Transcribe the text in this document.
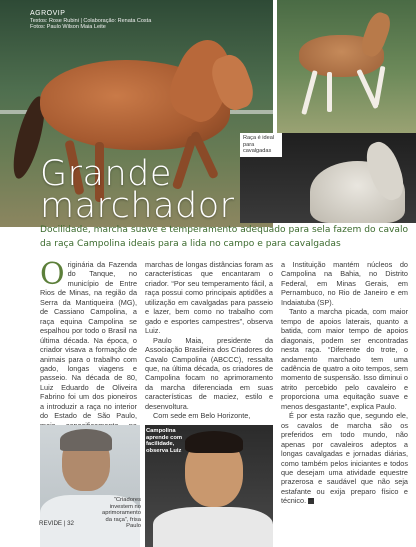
AGROVIP
Textos: Rose Rubini | Colaboração: Renata Costa
Fotos: Paulo Wilson Maia Leite
Raça é ideal para cavalgadas
Grande
marchador
Docilidade, marcha suave e temperamento adequado para sela fazem do cavalo da raça Campolina ideais para a lida no campo e para cavalgadas

Originária da Fazenda do Tanque, no município de Entre Rios de Minas, na região da Serra da Mantiqueira (MG), de Cassiano Campolina, a raça equina Campolina se espalhou por todo o Brasil na última década. Na época, o criador visava a formação de animais para o trabalho com gado, longas viagens e passeio. Na década de 80, Luiz Eduardo de Oliveira Fabrino foi um dos pioneiros a introduzir a raça no interior do Estado de São Paulo,

marchas de longas distâncias foram as características que encantaram o criador. “Por seu temperamento fácil, a raça possui como principais aptidões a utilização em cavalgadas para passeio e lazer, bem como no trabalho com gado e esportes campestres”, observa Luiz.

Paulo Maia, presidente da Associação Brasileira dos Criadores do Cavalo Campolina (ABCCC), ressalta que, na última década, os criadores de Campolina focam no aprimoramento da marcha diferenciada em suas características de maciez, estilo e desenvoltura.

Com sede em Belo Horizonte,

a Instituição mantém núcleos do Campolina na Bahia, no Distrito Federal, em Minas Gerais, em Pernambuco, no Rio de Janeiro e em Indaiatuba (SP).

Tanto a marcha picada, com maior tempo de apoios laterais, quanto a batida, com maior tempo de apoios diagonais, podem ser encontradas nesta raça. “Diferente do trote, o andamento marchado tem uma cadência de quatro a oito tempos, sem momento de suspensão. Isso diminui o atrito percebido pelo cavaleiro e proporciona uma equitação suave e menos desgastante”, explica Paulo.

É por esta razão que, segundo ele, os cavalos de marcha são os preferidos em todo mundo, não apenas por cavaleiros adeptos a longas cavalgadas e jornadas diárias, como também pelos iniciantes e todos que desejam uma atividade equestre prazerosa e saudável que não seja estafante ou exija preparo físico e técnico.

“Criadores investem no aprimoramento da raça”, frisa Paulo
Campolina aprende com facilidade, observa Luiz
REVIDE | 32
